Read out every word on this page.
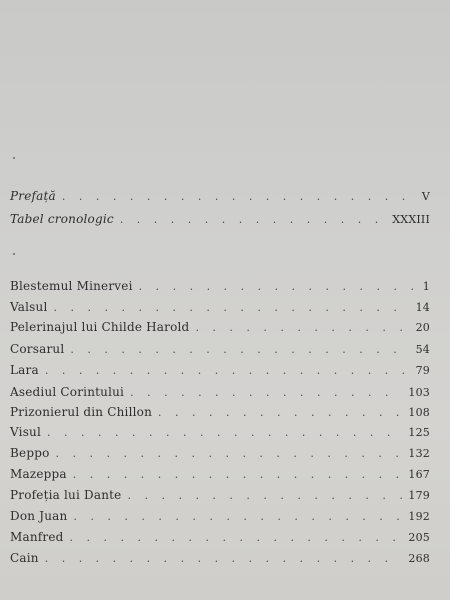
Prefață . . .	V
Tabel cronologic . . .	XXXIII
Blestemul Minervei . . .	1
Valsul . . .	14
Pelerinajul lui Childe Harold . . .	20
Corsarul . . .	54
Lara . . .	79
Asediul Corintului . . .	103
Prizonierul din Chillon . . .	108
Visul . . .	125
Beppo . . .	132
Mazeppa . . .	167
Profeția lui Dante . . .	179
Don Juan . . .	192
Manfred . . .	205
Cain . . .	268
